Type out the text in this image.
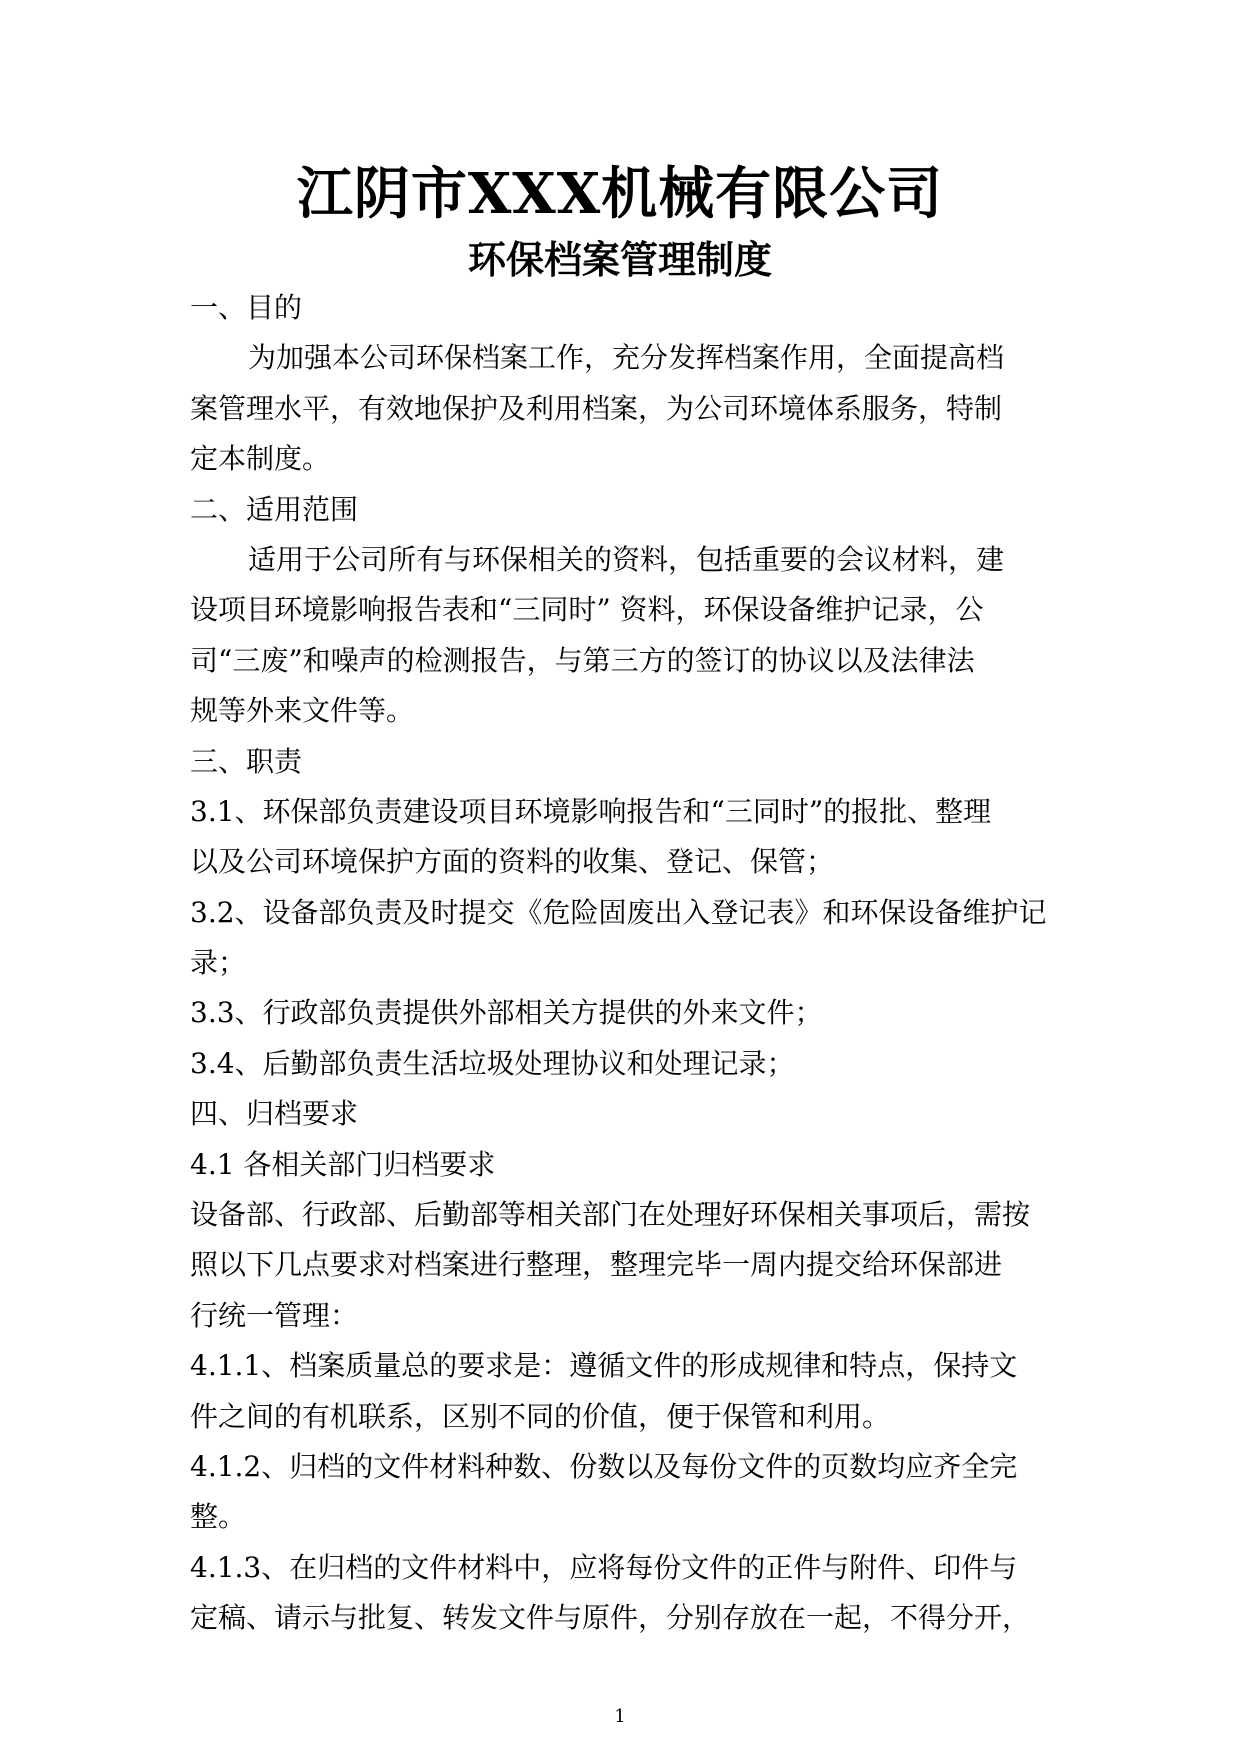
江阴市XXX机械有限公司
环保档案管理制度
一、目的
为加强本公司环保档案工作，充分发挥档案作用，全面提高档
案管理水平，有效地保护及利用档案，为公司环境体系服务，特制
定本制度。
二、适用范围
适用于公司所有与环保相关的资料，包括重要的会议材料，建
设项目环境影响报告表和“三同时” 资料，环保设备维护记录，公
司“三废”和噪声的检测报告，与第三方的签订的协议以及法律法
规等外来文件等。
三、职责
3.1、环保部负责建设项目环境影响报告和“三同时”的报批、整理
以及公司环境保护方面的资料的收集、登记、保管；
3.2、设备部负责及时提交《危险固废出入登记表》和环保设备维护记
录；
3.3、行政部负责提供外部相关方提供的外来文件；
3.4、后勤部负责生活垃圾处理协议和处理记录；
四、归档要求
4.1 各相关部门归档要求
设备部、行政部、后勤部等相关部门在处理好环保相关事项后，需按
照以下几点要求对档案进行整理，整理完毕一周内提交给环保部进
行统一管理：
4.1.1、档案质量总的要求是：遵循文件的形成规律和特点，保持文
件之间的有机联系，区别不同的价值，便于保管和利用。
4.1.2、归档的文件材料种数、份数以及每份文件的页数均应齐全完
整。
4.1.3、在归档的文件材料中，应将每份文件的正件与附件、印件与
定稿、请示与批复、转发文件与原件，分别存放在一起，不得分开，
1
